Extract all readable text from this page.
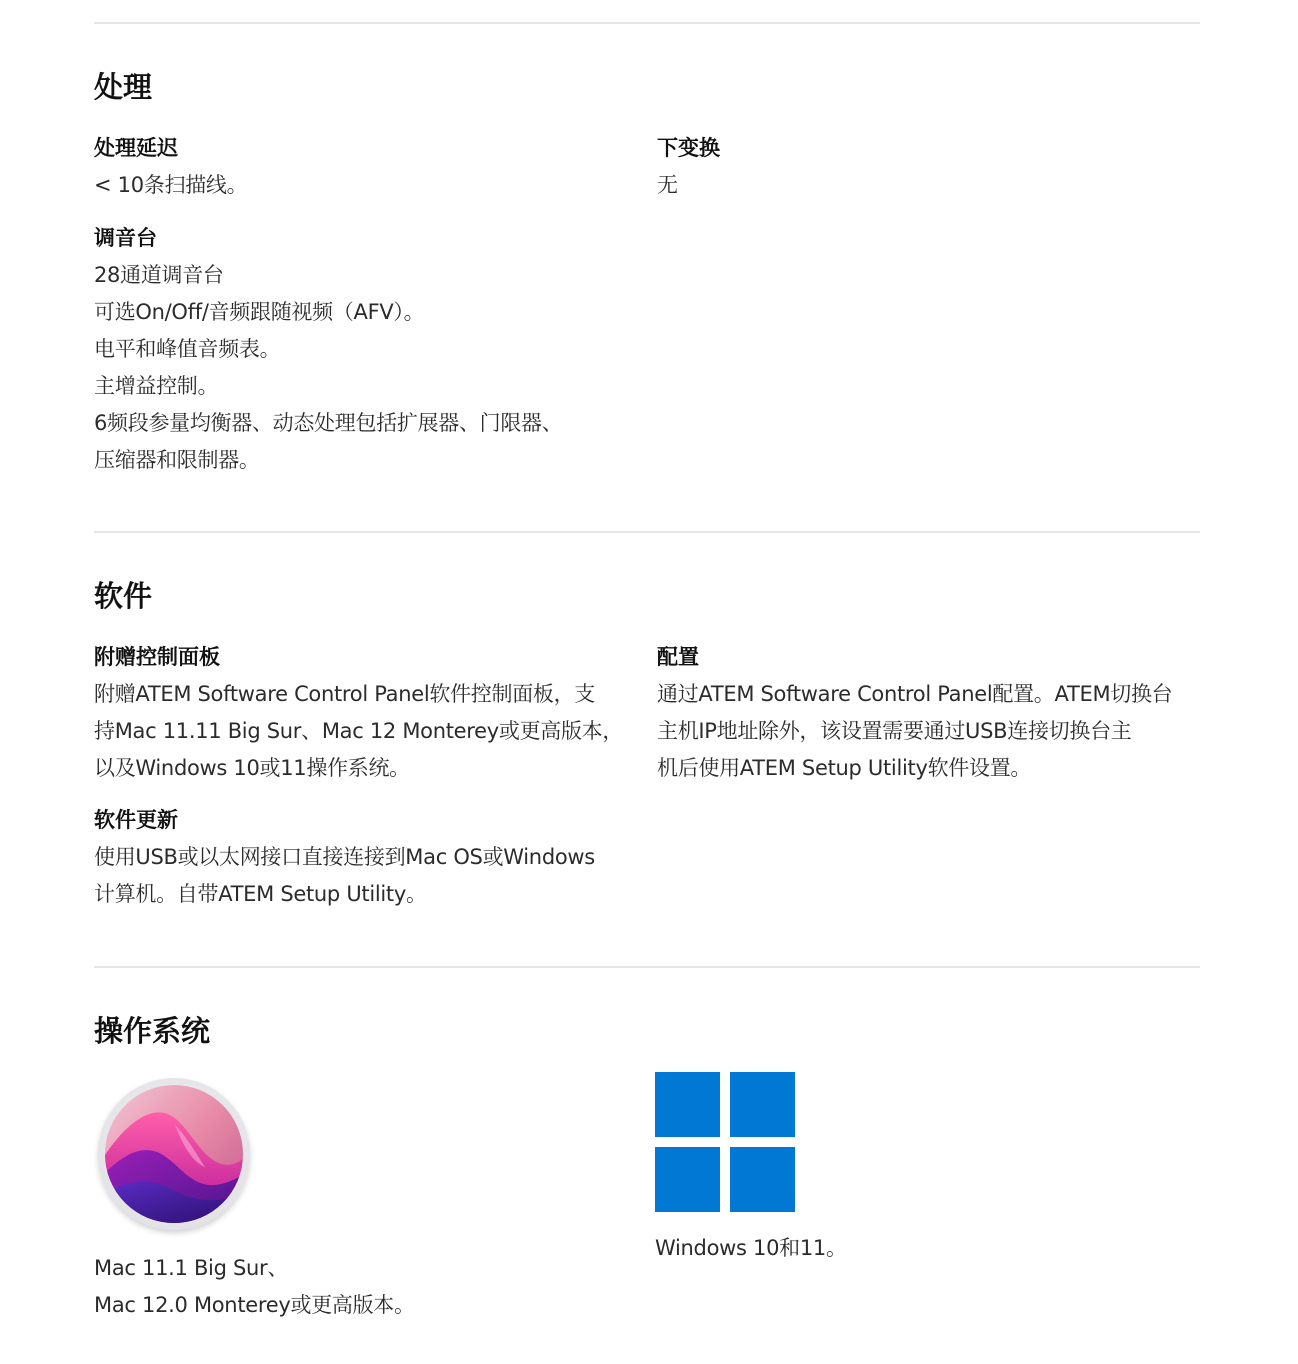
处理
处理延迟
< 10条扫描线。
下变换
无
调音台
28通道调音台
可选On/Off/音频跟随视频（AFV）。
电平和峰值音频表。
主增益控制。
6频段参量均衡器、动态处理包括扩展器、门限器、
压缩器和限制器。
软件
附赠控制面板
附赠ATEM Software Control Panel软件控制面板，支
持Mac 11.11 Big Sur、Mac 12 Monterey或更高版本，
以及Windows 10或11操作系统。
配置
通过ATEM Software Control Panel配置。ATEM切换台
主机IP地址除外，该设置需要通过USB连接切换台主
机后使用ATEM Setup Utility软件设置。
软件更新
使用USB或以太网接口直接连接到Mac OS或Windows
计算机。自带ATEM Setup Utility。
操作系统
Mac 11.1 Big Sur、
Mac 12.0 Monterey或更高版本。
Windows 10和11。
